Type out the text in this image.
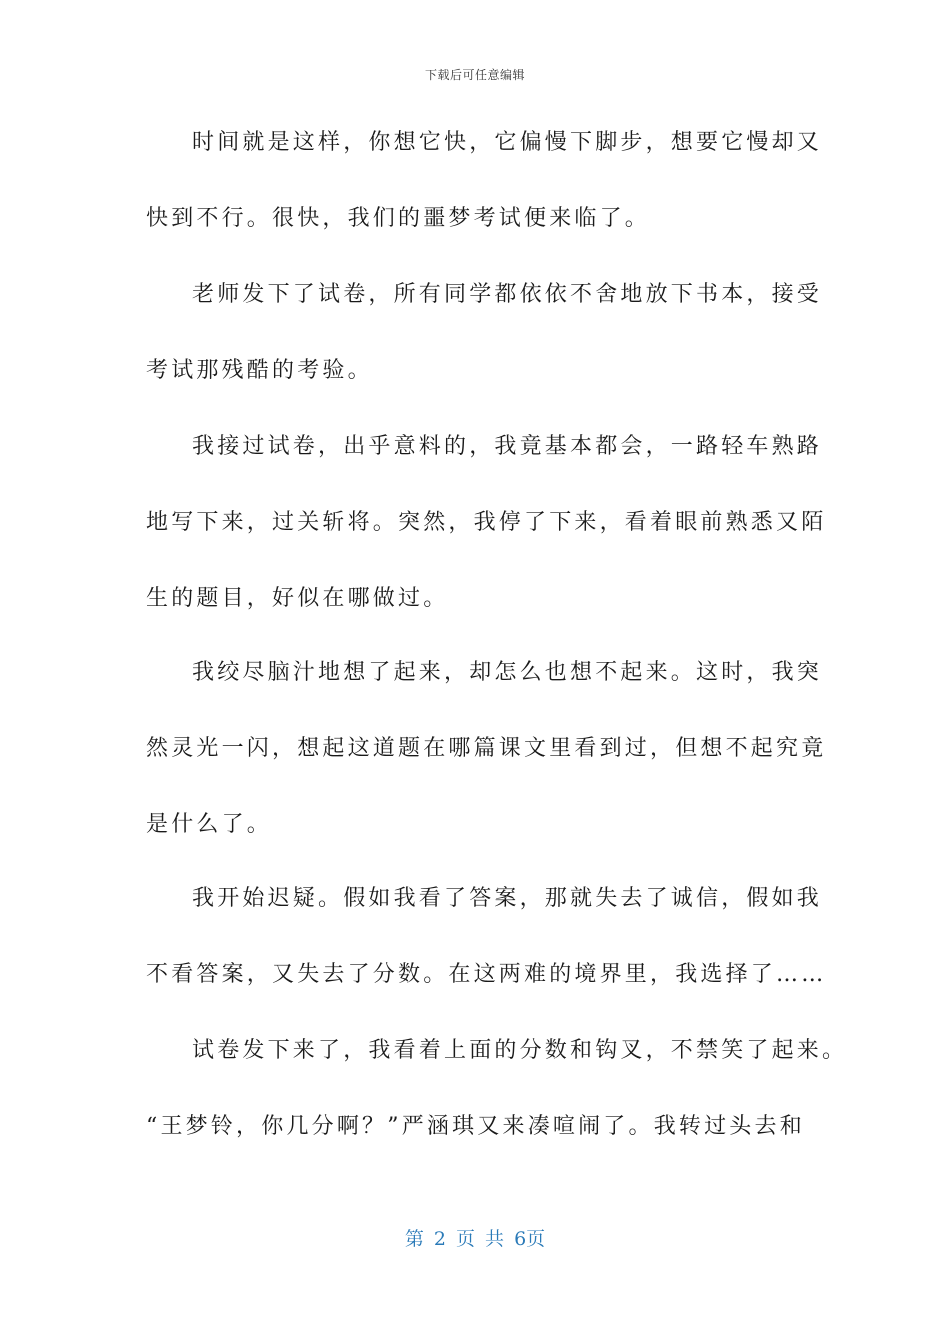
下载后可任意编辑
时间就是这样，你想它快，它偏慢下脚步，想要它慢却又
快到不行。很快，我们的噩梦考试便来临了。
老师发下了试卷，所有同学都依依不舍地放下书本，接受
考试那残酷的考验。
我接过试卷，出乎意料的，我竟基本都会，一路轻车熟路
地写下来，过关斩将。突然，我停了下来，看着眼前熟悉又陌
生的题目，好似在哪做过。
我绞尽脑汁地想了起来，却怎么也想不起来。这时，我突
然灵光一闪，想起这道题在哪篇课文里看到过，但想不起究竟
是什么了。
我开始迟疑。假如我看了答案，那就失去了诚信，假如我
不看答案，又失去了分数。在这两难的境界里，我选择了……
试卷发下来了，我看着上面的分数和钩叉，不禁笑了起来。
“王梦铃，你几分啊？”严涵琪又来凑喧闹了。我转过头去和
第 2 页 共 6页
